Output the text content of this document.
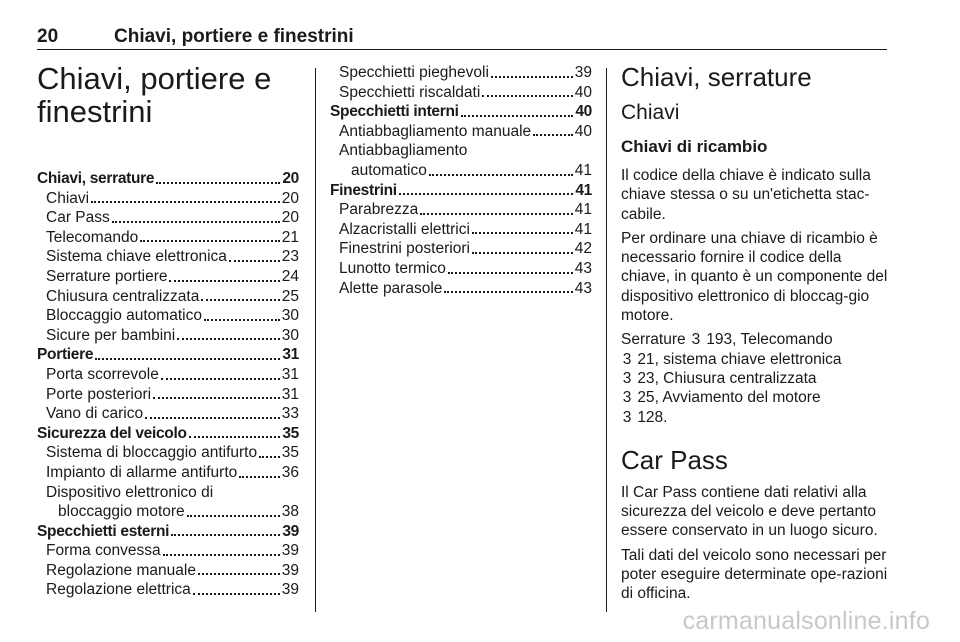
20	Chiavi, portiere e finestrini
Chiavi, portiere e finestrini
Chiavi, serrature	20
Chiavi	20
Car Pass	20
Telecomando	21
Sistema chiave elettronica	23
Serrature portiere	24
Chiusura centralizzata	25
Bloccaggio automatico	30
Sicure per bambini	30
Portiere	31
Porta scorrevole	31
Porte posteriori	31
Vano di carico	33
Sicurezza del veicolo	35
Sistema di bloccaggio antifurto 35
Impianto di allarme antifurto	36
Dispositivo elettronico di
bloccaggio motore	38
Specchietti esterni	39
Forma convessa	39
Regolazione manuale	39
Regolazione elettrica	39
Specchietti pieghevoli	39
Specchietti riscaldati	40
Specchietti interni	40
Antiabbagliamento manuale	40
Antiabbagliamento
automatico	41
Finestrini	41
Parabrezza	41
Alzacristalli elettrici	41
Finestrini posteriori	42
Lunotto termico	43
Alette parasole	43
Chiavi, serrature
Chiavi
Chiavi di ricambio

Il codice della chiave è indicato sulla chiave stessa o su un'etichetta stac-cabile.

Per ordinare una chiave di ricambio è necessario fornire il codice della chiave, in quanto è un componente del dispositivo elettronico di bloccag-gio motore.

Serrature 3 193, Telecomando
3 21, sistema chiave elettronica
3 23, Chiusura centralizzata
3 25, Avviamento del motore
3 128.

Car Pass

Il Car Pass contiene dati relativi alla sicurezza del veicolo e deve pertanto essere conservato in un luogo sicuro.

Tali dati del veicolo sono necessari per poter eseguire determinate ope-razioni di officina.

carmanualsonline.info
